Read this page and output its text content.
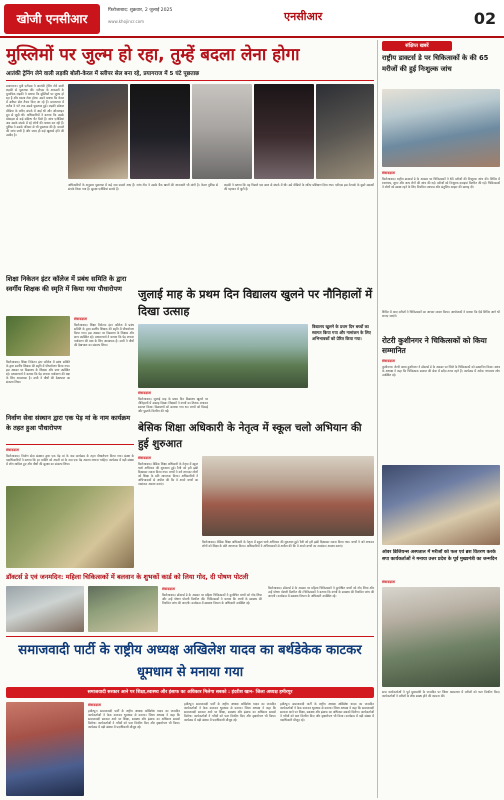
खोजी एनसीआर
फिरोजाबाद: शुक्रवार, 2 जुलाई 2025
www.khojincr.com	एनसीआर	02
मुस्लिमों पर जुल्म हो रहा, तुम्हें बदला लेना होगा
आतंकी ट्रेनिंग लेने वाली लड़की बोली-केरल में स्लीपर सेल बना रहे, प्रयागराज में 5 घंटे पूछताछ
प्रयागराज। यूपी एटीएस ने आतंकी ट्रेनिंग लेने वाली लड़की से पूछताछ की। एटीएस के अफसरों के मुताबिक लड़की ने बताया कि मुस्लिमों पर जुल्म हो रहा है और बदला लेना होगा। उसने बताया कि केरल में स्लीपर सेल तैयार किए जा रहे हैं। प्रयागराज में करीब 5 घंटे तक उससे पूछताछ हुई। लड़की सोशल मीडिया के जरिए संपर्क में आई थी और ऑनलाइन ग्रुप से जुड़ी थी। अधिकारियों ने बताया कि उसके मोबाइल से कई संदिग्ध चैट मिले हैं। जांच एजेंसियां अब उसके संपर्क में रहे लोगों की तलाश कर रही हैं। पुलिस ने उसके परिवार से भी पूछताछ की है। मामले की जांच जारी है और जल्द ही कई खुलासे होने की उम्मीद है।
अधिकारियों के अनुसार पूछताछ में कई नाम सामने आए हैं। जांच टीम ने उसके बैंक खातों की जानकारी भी मांगी है। केरल पुलिस से संपर्क किया गया है। सुरक्षा एजेंसियां सतर्क हैं।
लड़की ने बताया कि वह पिछले एक साल से संपर्क में थी। उसे वीडियो के जरिए प्रशिक्षण दिया गया। एटीएस इस नेटवर्क के दूसरे सदस्यों की पहचान में जुटी है।
शिक्षा निकेतन इंटर कॉलेज में प्रबंध समिति के द्वारा स्वर्गीय शिक्षक की स्मृति में किया गया पौधारोपण
संवाददाता
फिरोजाबाद। शिक्षा निकेतन इंटर कॉलेज में प्रबंध समिति के द्वारा स्वर्गीय शिक्षक की स्मृति में पौधारोपण किया गया। इस अवसर पर विद्यालय के शिक्षक और छात्र उपस्थित रहे। प्रधानाचार्य ने बताया कि पेड़ लगाना पर्यावरण की रक्षा के लिए आवश्यक है। सभी ने पौधों की देखभाल का संकल्प लिया।
फिरोजाबाद। शिक्षा निकेतन इंटर कॉलेज में प्रबंध समिति के द्वारा स्वर्गीय शिक्षक की स्मृति में पौधारोपण किया गया। इस अवसर पर विद्यालय के शिक्षक और छात्र उपस्थित रहे। प्रधानाचार्य ने बताया कि पेड़ लगाना पर्यावरण की रक्षा के लिए आवश्यक है। सभी ने पौधों की देखभाल का संकल्प लिया।
जुलाई माह के प्रथम दिन विद्यालय खुलने पर नौनिहालों में दिखा उत्साह
विद्यालय खुलने के प्रथम दिन बच्चों का स्वागत किया गया और नामांकन के लिए अभिभावकों को प्रेरित किया गया।
संवाददाता
फिरोजाबाद। जुलाई माह के प्रथम दिन विद्यालय खुलने पर नौनिहालों में उत्साह दिखा। शिक्षकों ने बच्चों का तिलक लगाकर स्वागत किया। विद्यालयों को सजाया गया था। बच्चों को मिठाई और पुस्तकें वितरित की गईं।
निर्वाण सेवा संस्थान द्वारा एक पेड़ मां के नाम कार्यक्रम के तहत हुआ पौधारोपण
संवाददाता
फिरोजाबाद। निर्वाण सेवा संस्थान द्वारा एक पेड़ मां के नाम कार्यक्रम के तहत पौधारोपण किया गया। संस्था के पदाधिकारियों ने बताया कि हर व्यक्ति को अपनी मां के नाम एक पेड़ अवश्य लगाना चाहिए। कार्यक्रम में बड़ी संख्या में लोग शामिल हुए और पौधों की सुरक्षा का संकल्प लिया।
बेसिक शिक्षा अधिकारी के नेतृत्व में स्कूल चलो अभियान की हुई शुरुआत
संवाददाता
फिरोजाबाद। बेसिक शिक्षा अधिकारी के नेतृत्व में स्कूल चलो अभियान की शुरुआत हुई। रैली को हरी झंडी दिखाकर रवाना किया गया। बच्चों ने नारे लगाकर लोगों को शिक्षा के प्रति जागरूक किया। अधिकारियों ने अभिभावकों से अपील की कि वे अपने बच्चों का नामांकन अवश्य कराएं।
फिरोजाबाद। बेसिक शिक्षा अधिकारी के नेतृत्व में स्कूल चलो अभियान की शुरुआत हुई। रैली को हरी झंडी दिखाकर रवाना किया गया। बच्चों ने नारे लगाकर लोगों को शिक्षा के प्रति जागरूक किया। अधिकारियों ने अभिभावकों से अपील की कि वे अपने बच्चों का नामांकन अवश्य कराएं।
डॉक्टर्स डे एवं जनमदिन: महिला चिकित्सकों में बलवान के शुभकों कार्ड को लिया गोद, दी पोषण पोटली
संवाददाता
फिरोजाबाद। डॉक्टर्स डे के अवसर पर महिला चिकित्सकों ने कुपोषित बच्चों को गोद लिया और उन्हें पोषण पोटली वितरित की। चिकित्सकों ने बताया कि बच्चों के स्वास्थ्य की नियमित जांच की जाएगी। कार्यक्रम में स्वास्थ्य विभाग के अधिकारी उपस्थित रहे।
फिरोजाबाद। डॉक्टर्स डे के अवसर पर महिला चिकित्सकों ने कुपोषित बच्चों को गोद लिया और उन्हें पोषण पोटली वितरित की। चिकित्सकों ने बताया कि बच्चों के स्वास्थ्य की नियमित जांच की जाएगी। कार्यक्रम में स्वास्थ्य विभाग के अधिकारी उपस्थित रहे।
समाजवादी पार्टी के राष्ट्रीय अध्यक्ष अखिलेश यादव का बर्थडेकेक काटकर धूमधाम से मनाया गया
समाजवादी सरकार आने पर शिक्षा,स्वास्थ्य और इंसाफ का अधिकार मिलेगा सबको : इंदरीश खान- जिला अध्यक्ष हमीरपुर
संवाददाता
हमीरपुर। समाजवादी पार्टी के राष्ट्रीय अध्यक्ष अखिलेश यादव का जन्मदिन कार्यकर्ताओं ने केक काटकर धूमधाम से मनाया। जिला अध्यक्ष ने कहा कि समाजवादी सरकार आने पर शिक्षा, स्वास्थ्य और इंसाफ का अधिकार सबको मिलेगा। कार्यकर्ताओं ने गरीबों को फल वितरित किए और वृक्षारोपण भी किया। कार्यक्रम में बड़ी संख्या में पदाधिकारी मौजूद रहे।
हमीरपुर। समाजवादी पार्टी के राष्ट्रीय अध्यक्ष अखिलेश यादव का जन्मदिन कार्यकर्ताओं ने केक काटकर धूमधाम से मनाया। जिला अध्यक्ष ने कहा कि समाजवादी सरकार आने पर शिक्षा, स्वास्थ्य और इंसाफ का अधिकार सबको मिलेगा। कार्यकर्ताओं ने गरीबों को फल वितरित किए और वृक्षारोपण भी किया। कार्यक्रम में बड़ी संख्या में पदाधिकारी मौजूद रहे।
हमीरपुर। समाजवादी पार्टी के राष्ट्रीय अध्यक्ष अखिलेश यादव का जन्मदिन कार्यकर्ताओं ने केक काटकर धूमधाम से मनाया। जिला अध्यक्ष ने कहा कि समाजवादी सरकार आने पर शिक्षा, स्वास्थ्य और इंसाफ का अधिकार सबको मिलेगा। कार्यकर्ताओं ने गरीबों को फल वितरित किए और वृक्षारोपण भी किया। कार्यक्रम में बड़ी संख्या में पदाधिकारी मौजूद रहे।
संक्षिप्त खबरें
राष्ट्रीय डाक्टर्स डे पर चिकित्सकों के की 65 मरीजों की हुई निःशुल्क जांच
संवाददाता
फिरोजाबाद। राष्ट्रीय डाक्टर्स डे के अवसर पर चिकित्सकों ने 65 मरीजों की निःशुल्क जांच की। शिविर में रक्तचाप, शुगर और अन्य रोगों की जांच की गई। मरीजों को निःशुल्क दवाइयां वितरित की गईं। चिकित्सकों ने लोगों को स्वस्थ रहने के लिए नियमित व्यायाम और संतुलित आहार की सलाह दी।
शिविर में आए मरीजों ने चिकित्सकों का आभार व्यक्त किया। आयोजकों ने बताया कि ऐसे शिविर आगे भी लगाए जाएंगे।
रोटरी कुशीनगर ने चिकित्सकों को किया सम्मानित
संवाददाता
कुशीनगर। रोटरी क्लब कुशीनगर ने डॉक्टर्स डे के अवसर पर जिले के चिकित्सकों को सम्मानित किया। क्लब के अध्यक्ष ने कहा कि चिकित्सक समाज की सेवा में सदैव तत्पर रहते हैं। कार्यक्रम में अनेक गणमान्य लोग उपस्थित रहे।
ओवर ब्रिजियन्स अस्पताल में मरीजों को फल एवं ब्रश वितरण करके सपा कार्यकर्ताओं ने मनाया उत्तर प्रदेश के पूर्व मुख्यमंत्री का जन्मदिन
संवाददाता
सपा कार्यकर्ताओं ने पूर्व मुख्यमंत्री के जन्मदिन पर जिला अस्पताल में मरीजों को फल वितरित किए। कार्यकर्ताओं ने मरीजों के शीघ्र स्वस्थ होने की कामना की।
